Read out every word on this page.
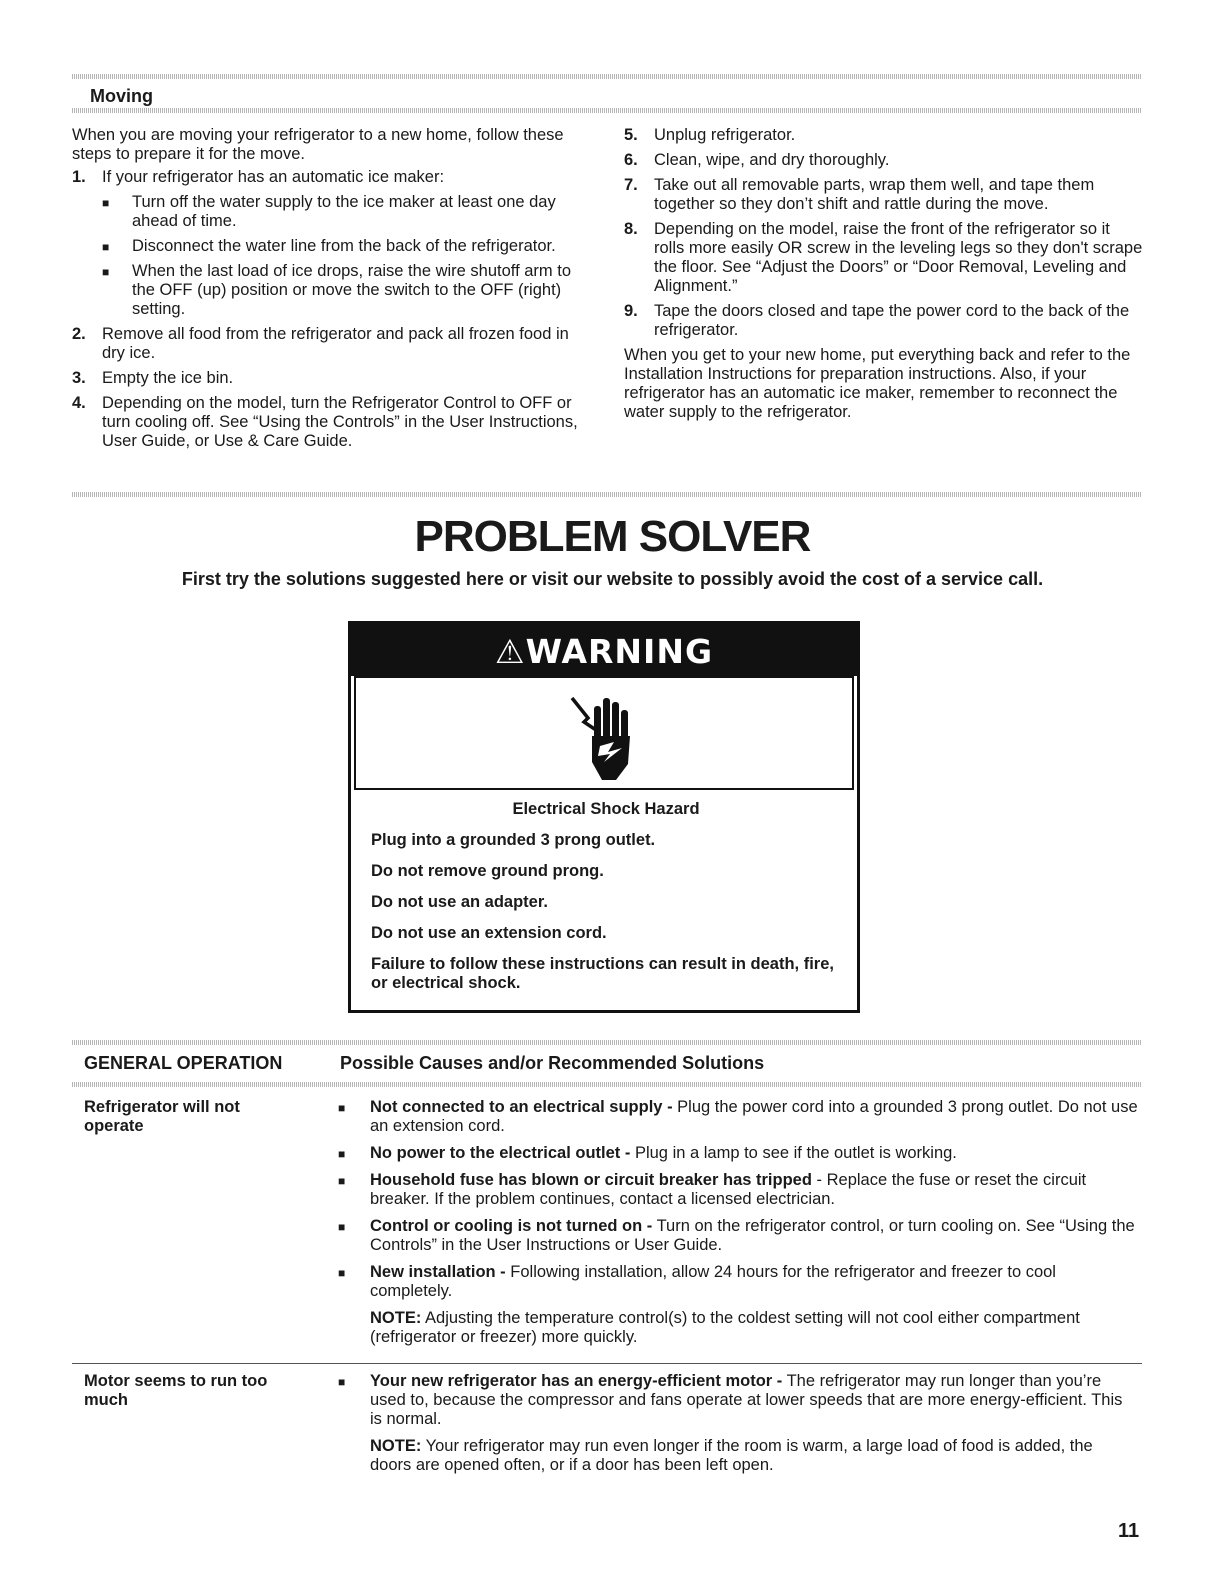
Moving
When you are moving your refrigerator to a new home, follow these steps to prepare it for the move.
1. If your refrigerator has an automatic ice maker:
■ Turn off the water supply to the ice maker at least one day ahead of time.
■ Disconnect the water line from the back of the refrigerator.
■ When the last load of ice drops, raise the wire shutoff arm to the OFF (up) position or move the switch to the OFF (right) setting.
2. Remove all food from the refrigerator and pack all frozen food in dry ice.
3. Empty the ice bin.
4. Depending on the model, turn the Refrigerator Control to OFF or turn cooling off. See “Using the Controls” in the User Instructions, User Guide, or Use & Care Guide.
5. Unplug refrigerator.
6. Clean, wipe, and dry thoroughly.
7. Take out all removable parts, wrap them well, and tape them together so they don’t shift and rattle during the move.
8. Depending on the model, raise the front of the refrigerator so it rolls more easily OR screw in the leveling legs so they don't scrape the floor. See “Adjust the Doors” or “Door Removal, Leveling and Alignment.”
9. Tape the doors closed and tape the power cord to the back of the refrigerator.
When you get to your new home, put everything back and refer to the Installation Instructions for preparation instructions. Also, if your refrigerator has an automatic ice maker, remember to reconnect the water supply to the refrigerator.
PROBLEM SOLVER
First try the solutions suggested here or visit our website to possibly avoid the cost of a service call.
⚠WARNING

Electrical Shock Hazard

Plug into a grounded 3 prong outlet.

Do not remove ground prong.

Do not use an adapter.

Do not use an extension cord.

Failure to follow these instructions can result in death, fire, or electrical shock.

GENERAL OPERATION	Possible Causes and/or Recommended Solutions
Refrigerator will not operate
■ Not connected to an electrical supply - Plug the power cord into a grounded 3 prong outlet. Do not use an extension cord.
■ No power to the electrical outlet - Plug in a lamp to see if the outlet is working.
■ Household fuse has blown or circuit breaker has tripped - Replace the fuse or reset the circuit breaker. If the problem continues, contact a licensed electrician.
■ Control or cooling is not turned on - Turn on the refrigerator control, or turn cooling on. See “Using the Controls” in the User Instructions or User Guide.
■ New installation - Following installation, allow 24 hours for the refrigerator and freezer to cool completely.
NOTE: Adjusting the temperature control(s) to the coldest setting will not cool either compartment (refrigerator or freezer) more quickly.
Motor seems to run too much
■ Your new refrigerator has an energy-efficient motor - The refrigerator may run longer than you’re used to, because the compressor and fans operate at lower speeds that are more energy-efficient. This is normal.
NOTE: Your refrigerator may run even longer if the room is warm, a large load of food is added, the doors are opened often, or if a door has been left open.
11
